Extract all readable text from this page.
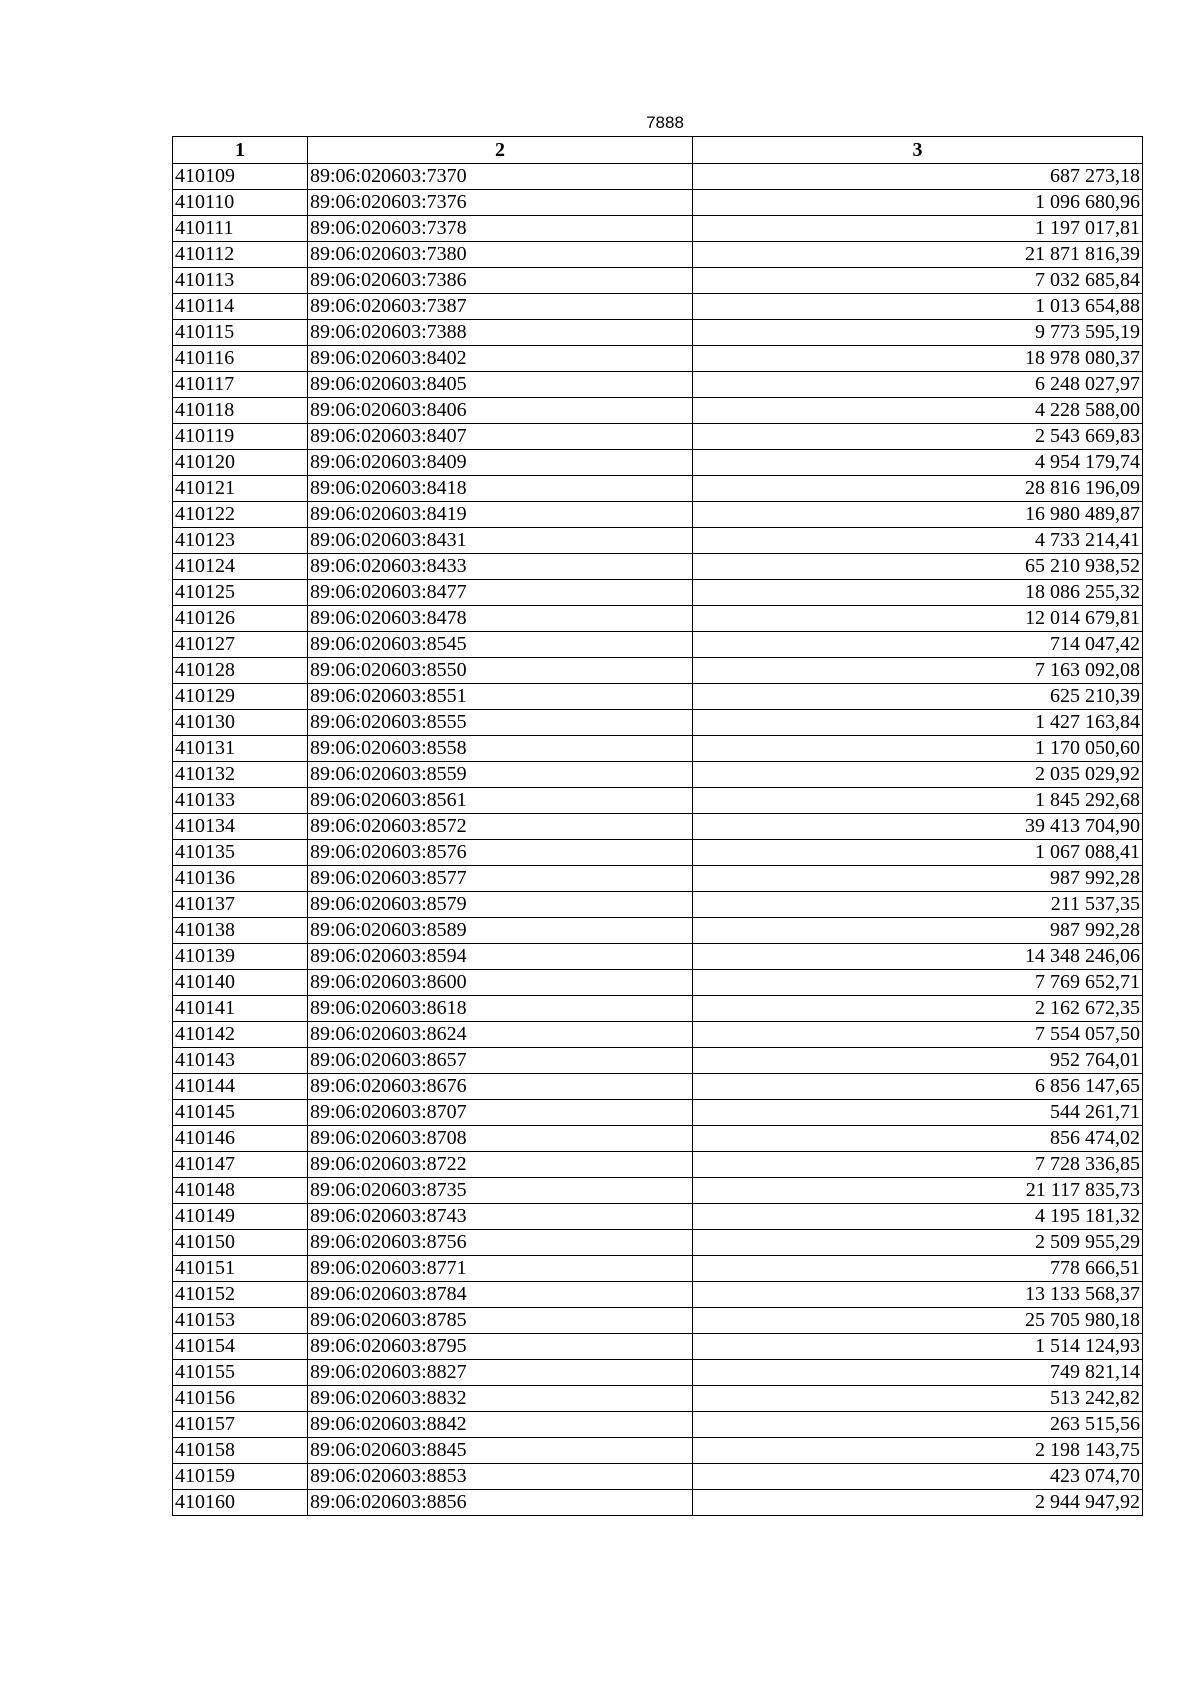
7888
1	2	3
410109	89:06:020603:7370	687 273,18
410110	89:06:020603:7376	1 096 680,96
410111	89:06:020603:7378	1 197 017,81
410112	89:06:020603:7380	21 871 816,39
410113	89:06:020603:7386	7 032 685,84
410114	89:06:020603:7387	1 013 654,88
410115	89:06:020603:7388	9 773 595,19
410116	89:06:020603:8402	18 978 080,37
410117	89:06:020603:8405	6 248 027,97
410118	89:06:020603:8406	4 228 588,00
410119	89:06:020603:8407	2 543 669,83
410120	89:06:020603:8409	4 954 179,74
410121	89:06:020603:8418	28 816 196,09
410122	89:06:020603:8419	16 980 489,87
410123	89:06:020603:8431	4 733 214,41
410124	89:06:020603:8433	65 210 938,52
410125	89:06:020603:8477	18 086 255,32
410126	89:06:020603:8478	12 014 679,81
410127	89:06:020603:8545	714 047,42
410128	89:06:020603:8550	7 163 092,08
410129	89:06:020603:8551	625 210,39
410130	89:06:020603:8555	1 427 163,84
410131	89:06:020603:8558	1 170 050,60
410132	89:06:020603:8559	2 035 029,92
410133	89:06:020603:8561	1 845 292,68
410134	89:06:020603:8572	39 413 704,90
410135	89:06:020603:8576	1 067 088,41
410136	89:06:020603:8577	987 992,28
410137	89:06:020603:8579	211 537,35
410138	89:06:020603:8589	987 992,28
410139	89:06:020603:8594	14 348 246,06
410140	89:06:020603:8600	7 769 652,71
410141	89:06:020603:8618	2 162 672,35
410142	89:06:020603:8624	7 554 057,50
410143	89:06:020603:8657	952 764,01
410144	89:06:020603:8676	6 856 147,65
410145	89:06:020603:8707	544 261,71
410146	89:06:020603:8708	856 474,02
410147	89:06:020603:8722	7 728 336,85
410148	89:06:020603:8735	21 117 835,73
410149	89:06:020603:8743	4 195 181,32
410150	89:06:020603:8756	2 509 955,29
410151	89:06:020603:8771	778 666,51
410152	89:06:020603:8784	13 133 568,37
410153	89:06:020603:8785	25 705 980,18
410154	89:06:020603:8795	1 514 124,93
410155	89:06:020603:8827	749 821,14
410156	89:06:020603:8832	513 242,82
410157	89:06:020603:8842	263 515,56
410158	89:06:020603:8845	2 198 143,75
410159	89:06:020603:8853	423 074,70
410160	89:06:020603:8856	2 944 947,92
